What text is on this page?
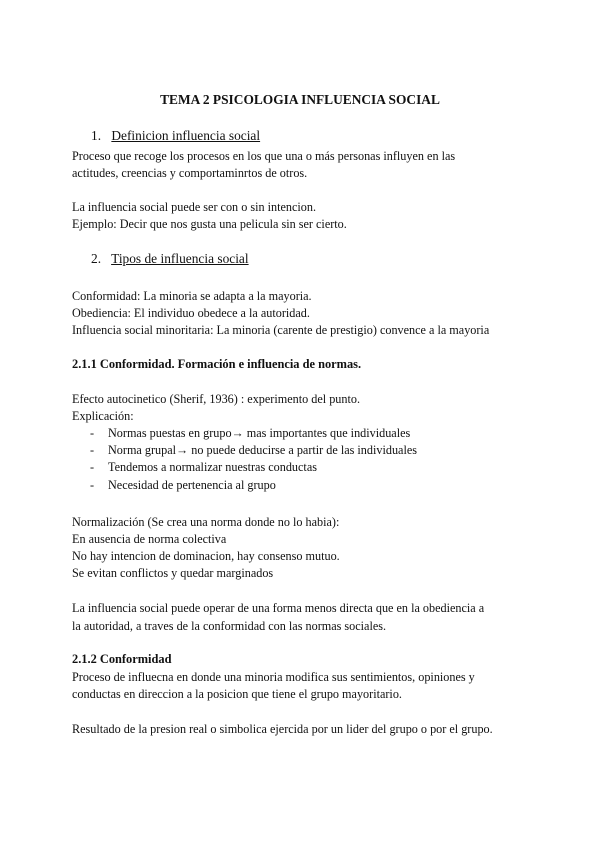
TEMA 2 PSICOLOGIA INFLUENCIA SOCIAL
1. Definicion influencia social
Proceso que recoge los procesos en los que una o más personas influyen en las
actitudes, creencias y comportaminrtos de otros.
La influencia social puede ser con o sin intencion.
Ejemplo: Decir que nos gusta una pelicula sin ser cierto.
2. Tipos de influencia social
Conformidad: La minoria se adapta a la mayoria.
Obediencia: El individuo obedece a la autoridad.
Influencia social minoritaria: La minoria (carente de prestigio) convence a la mayoria
2.1.1 Conformidad. Formación e influencia de normas.
Efecto autocinetico (Sherif, 1936) : experimento del punto.
Explicación:
- Normas puestas en grupo→ mas importantes que individuales
- Norma grupal→ no puede deducirse a partir de las individuales
- Tendemos a normalizar nuestras conductas
- Necesidad de pertenencia al grupo
Normalización (Se crea una norma donde no lo habia):
En ausencia de norma colectiva
No hay intencion de dominacion, hay consenso mutuo.
Se evitan conflictos y quedar marginados
La influencia social puede operar de una forma menos directa que en la obediencia a
la autoridad, a traves de la conformidad con las normas sociales.
2.1.2 Conformidad
Proceso de influecna en donde una minoria modifica sus sentimientos, opiniones y
conductas en direccion a la posicion que tiene el grupo mayoritario.
Resultado de la presion real o simbolica ejercida por un lider del grupo o por el grupo.
